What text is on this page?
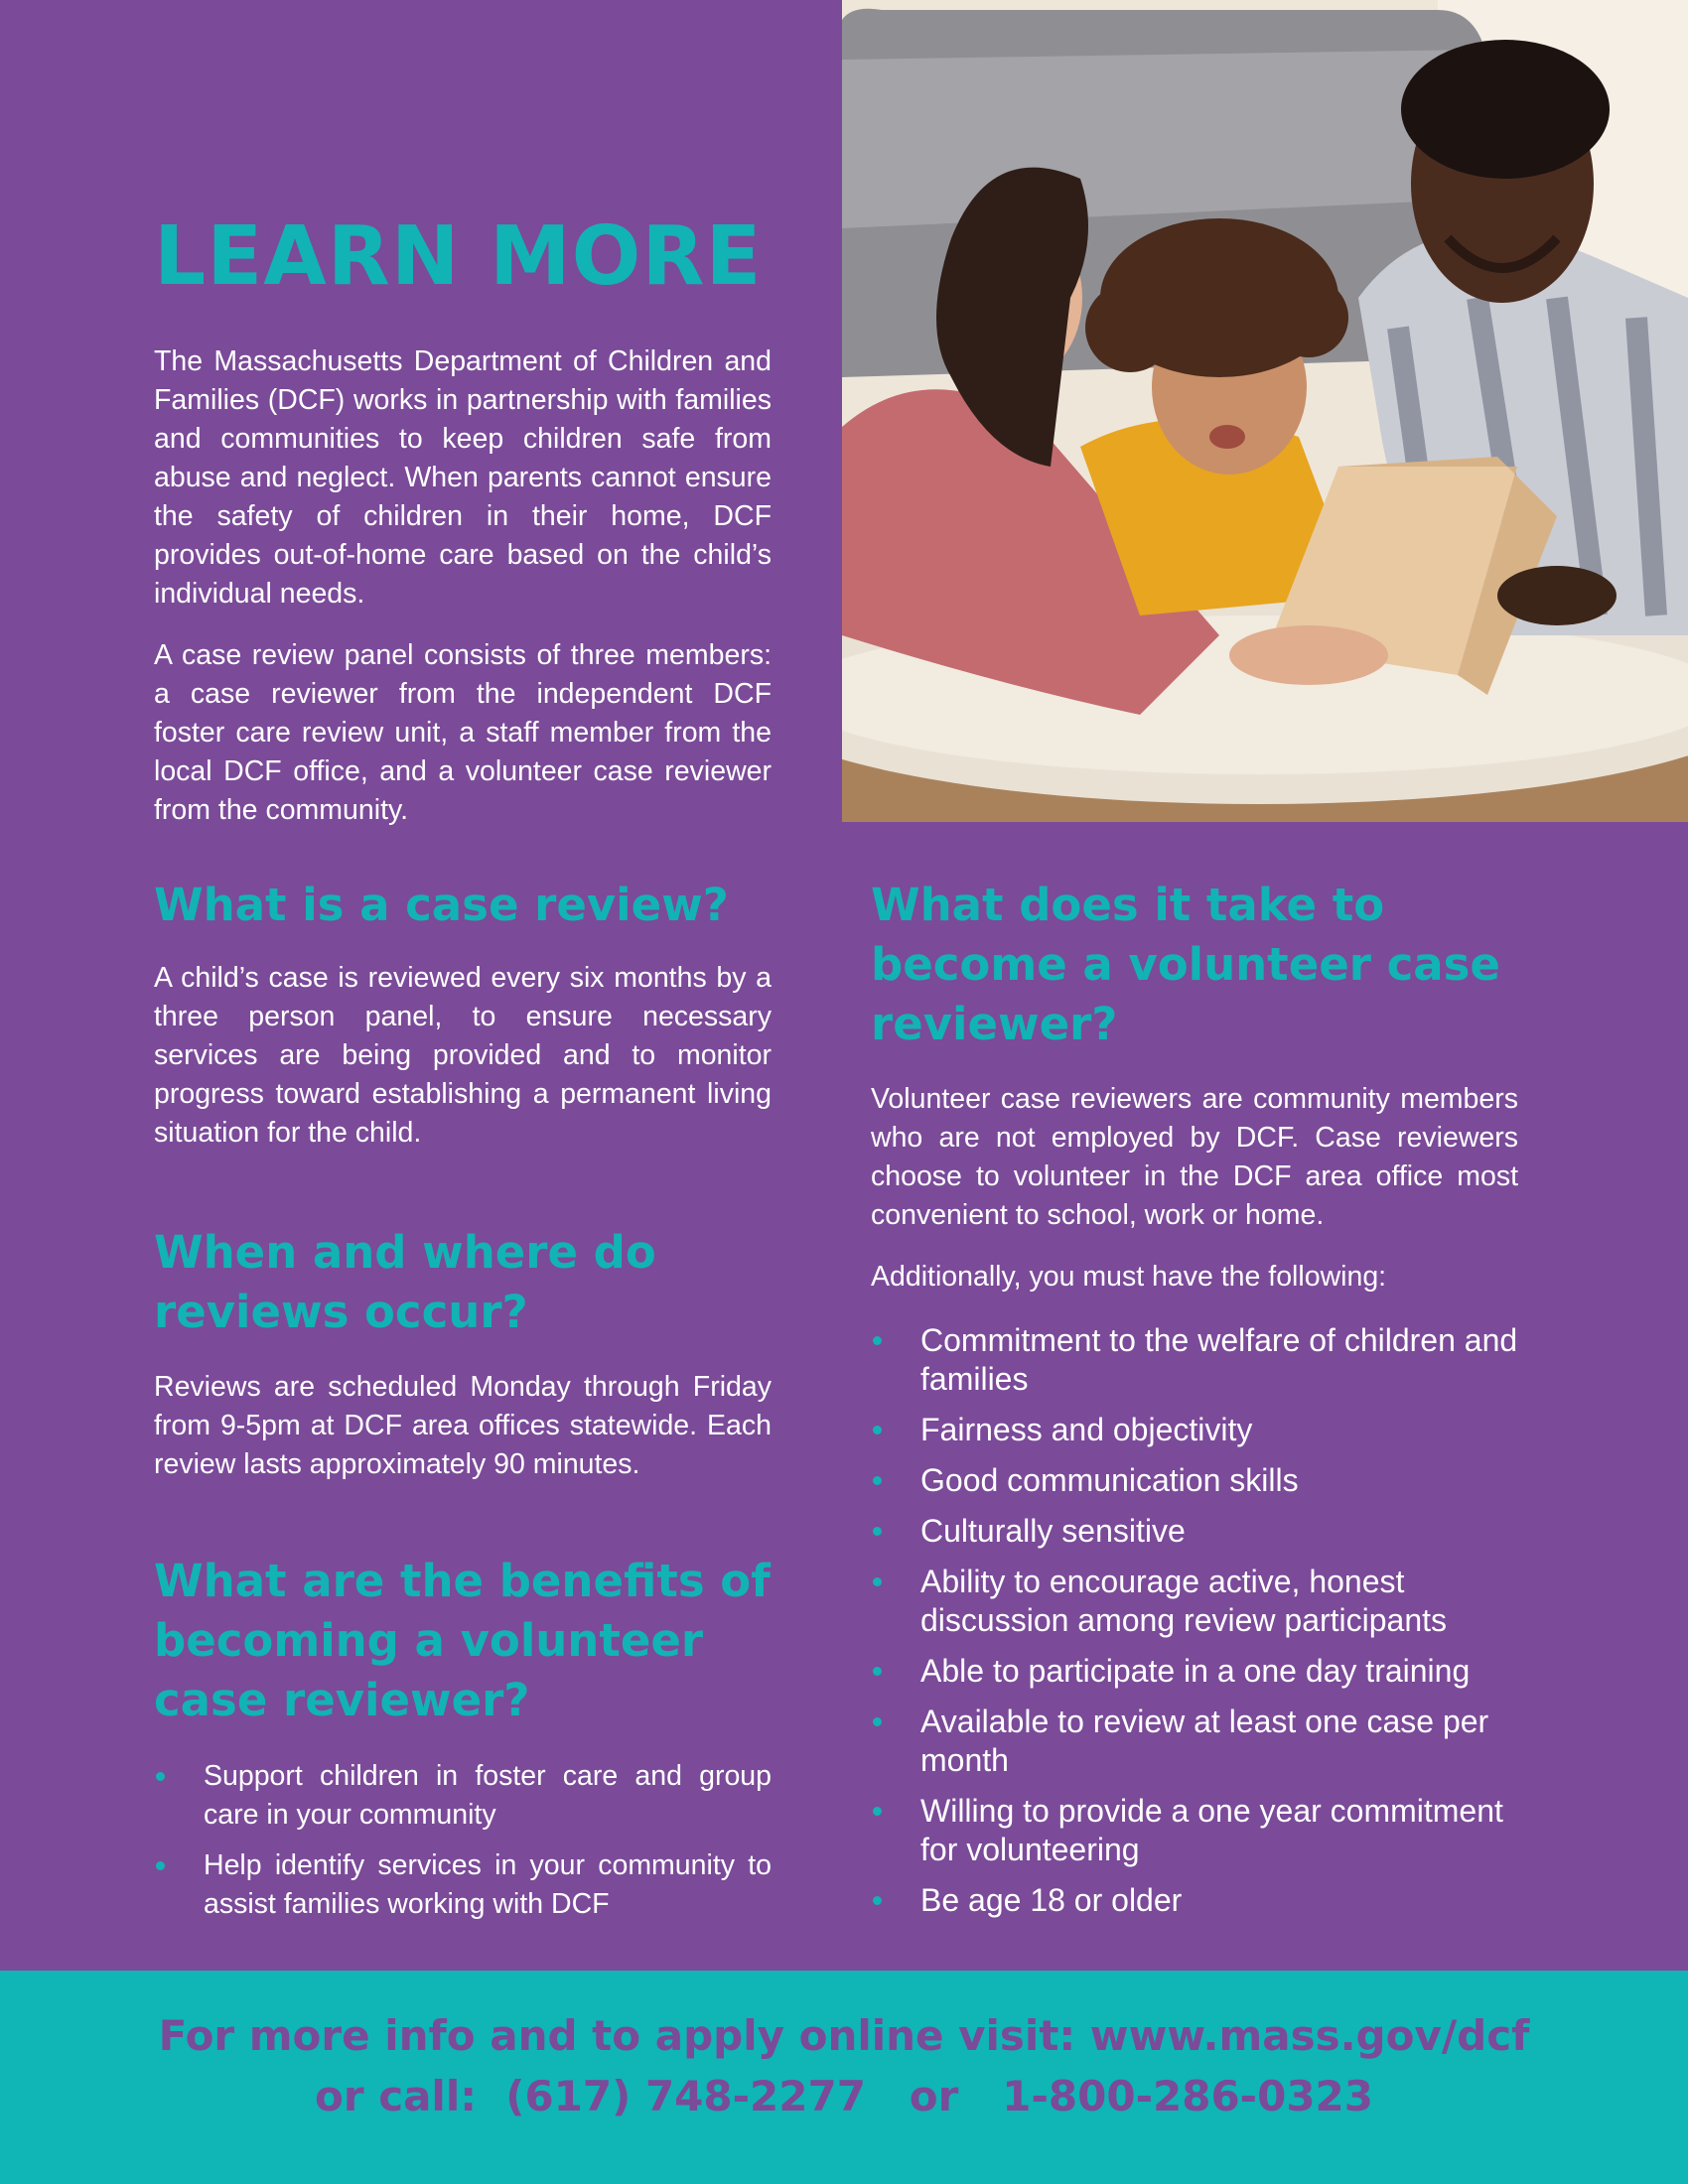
LEARN MORE

The Massachusetts Department of Children and Families (DCF) works in partnership with families and communities to keep children safe from abuse and neglect. When parents cannot ensure the safety of children in their home, DCF provides out-of-home care based on the child’s individual needs.

A case review panel consists of three members: a case reviewer from the independent DCF foster care review unit, a staff member from the local DCF office, and a volunteer case reviewer from the community.

What is a case review?

A child’s case is reviewed every six months by a three person panel, to ensure necessary services are being provided and to monitor progress toward establishing a permanent living situation for the child.

When and where do reviews occur?

Reviews are scheduled Monday through Friday from 9-5pm at DCF area offices statewide. Each review lasts approximately 90 minutes.

What are the benefits of becoming a volunteer case reviewer?
Support children in foster care and group care in your community
Help identify services in your community to assist families working with DCF
What does it take to become a volunteer case reviewer?

Volunteer case reviewers are community members who are not employed by DCF. Case reviewers choose to volunteer in the DCF area office most convenient to school, work or home.

Additionally, you must have the following:

Commitment to the welfare of children and families
Fairness and objectivity
Good communication skills
Culturally sensitive
Ability to encourage active, honest discussion among review participants
Able to participate in a one day training
Available to review at least one case per month
Willing to provide a one year commitment for volunteering
Be age 18 or older
For more info and to apply online visit: www.mass.gov/dcf
or call:  (617) 748-2277   or   1-800-286-0323
